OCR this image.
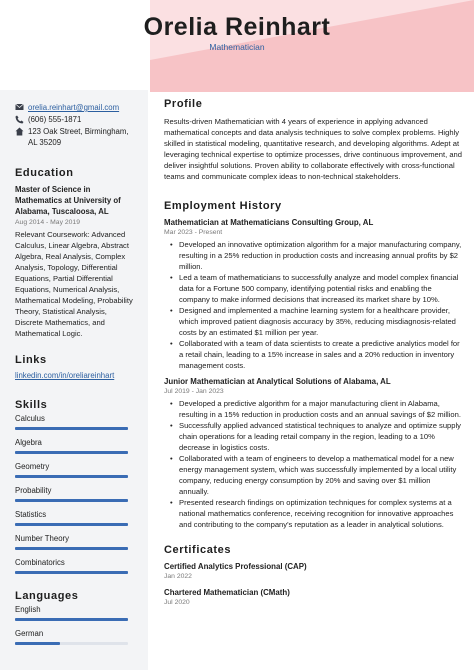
Orelia Reinhart
Mathematician
orelia.reinhart@gmail.com
(606) 555-1871
123 Oak Street, Birmingham, AL 35209
Education
Master of Science in Mathematics at University of Alabama, Tuscaloosa, AL
Aug 2014 - May 2019
Relevant Coursework: Advanced Calculus, Linear Algebra, Abstract Algebra, Real Analysis, Complex Analysis, Topology, Differential Equations, Partial Differential Equations, Numerical Analysis, Mathematical Modeling, Probability Theory, Statistical Analysis, Discrete Mathematics, and Mathematical Logic.
Links
linkedin.com/in/oreliareinhart
Skills
Calculus
Algebra
Geometry
Probability
Statistics
Number Theory
Combinatorics
Languages
English
German
Profile
Results-driven Mathematician with 4 years of experience in applying advanced mathematical concepts and data analysis techniques to solve complex problems. Highly skilled in statistical modeling, quantitative research, and developing algorithms. Adept at leveraging technical expertise to optimize processes, drive continuous improvement, and deliver insightful solutions. Proven ability to collaborate effectively with cross-functional teams and communicate complex ideas to non-technical stakeholders.
Employment History
Mathematician at Mathematicians Consulting Group, AL
Mar 2023 - Present
• Developed an innovative optimization algorithm for a major manufacturing company, resulting in a 25% reduction in production costs and increasing annual profits by $2 million.
• Led a team of mathematicians to successfully analyze and model complex financial data for a Fortune 500 company, identifying potential risks and enabling the company to make informed decisions that increased its market share by 10%.
• Designed and implemented a machine learning system for a healthcare provider, which improved patient diagnosis accuracy by 35%, reducing misdiagnosis-related costs by an estimated $1 million per year.
• Collaborated with a team of data scientists to create a predictive analytics model for a retail chain, leading to a 15% increase in sales and a 20% reduction in inventory management costs.
Junior Mathematician at Analytical Solutions of Alabama, AL
Jul 2019 - Jan 2023
• Developed a predictive algorithm for a major manufacturing client in Alabama, resulting in a 15% reduction in production costs and an annual savings of $2 million.
• Successfully applied advanced statistical techniques to analyze and optimize supply chain operations for a leading retail company in the region, leading to a 10% decrease in logistics costs.
• Collaborated with a team of engineers to develop a mathematical model for a new energy management system, which was successfully implemented by a local utility company, reducing energy consumption by 20% and saving over $1 million annually.
• Presented research findings on optimization techniques for complex systems at a national mathematics conference, receiving recognition for innovative approaches and contributing to the company's reputation as a leader in analytical solutions.
Certificates
Certified Analytics Professional (CAP)
Jan 2022
Chartered Mathematician (CMath)
Jul 2020
